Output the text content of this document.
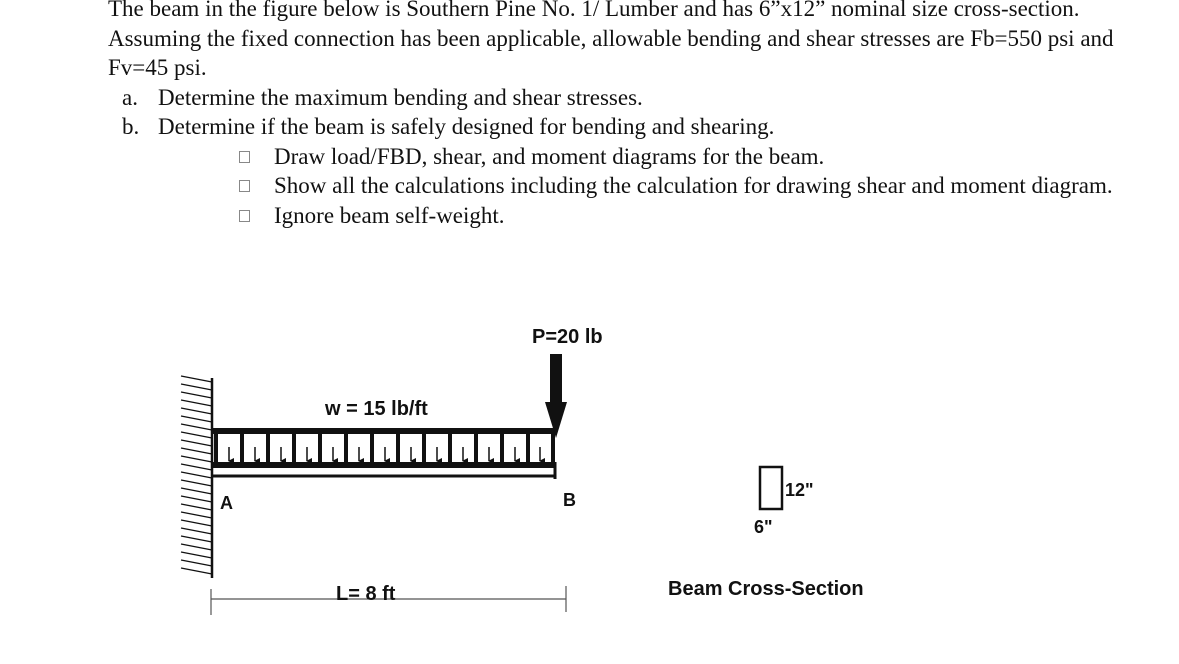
The beam in the figure below is Southern Pine No. 1/ Lumber and has 6”x12” nominal size cross-section. Assuming the fixed connection has been applicable, allowable bending and shear stresses are Fb=550 psi and Fv=45 psi.

a. Determine the maximum bending and shear stresses.

b. Determine if the beam is safely designed for bending and shearing.

Draw load/FBD, shear, and moment diagrams for the beam.

Show all the calculations including the calculation for drawing shear and moment diagram.

Ignore beam self-weight.

P=20 lb
w = 15 lb/ft
A	B
L= 8 ft
12"
6"
Beam Cross-Section
